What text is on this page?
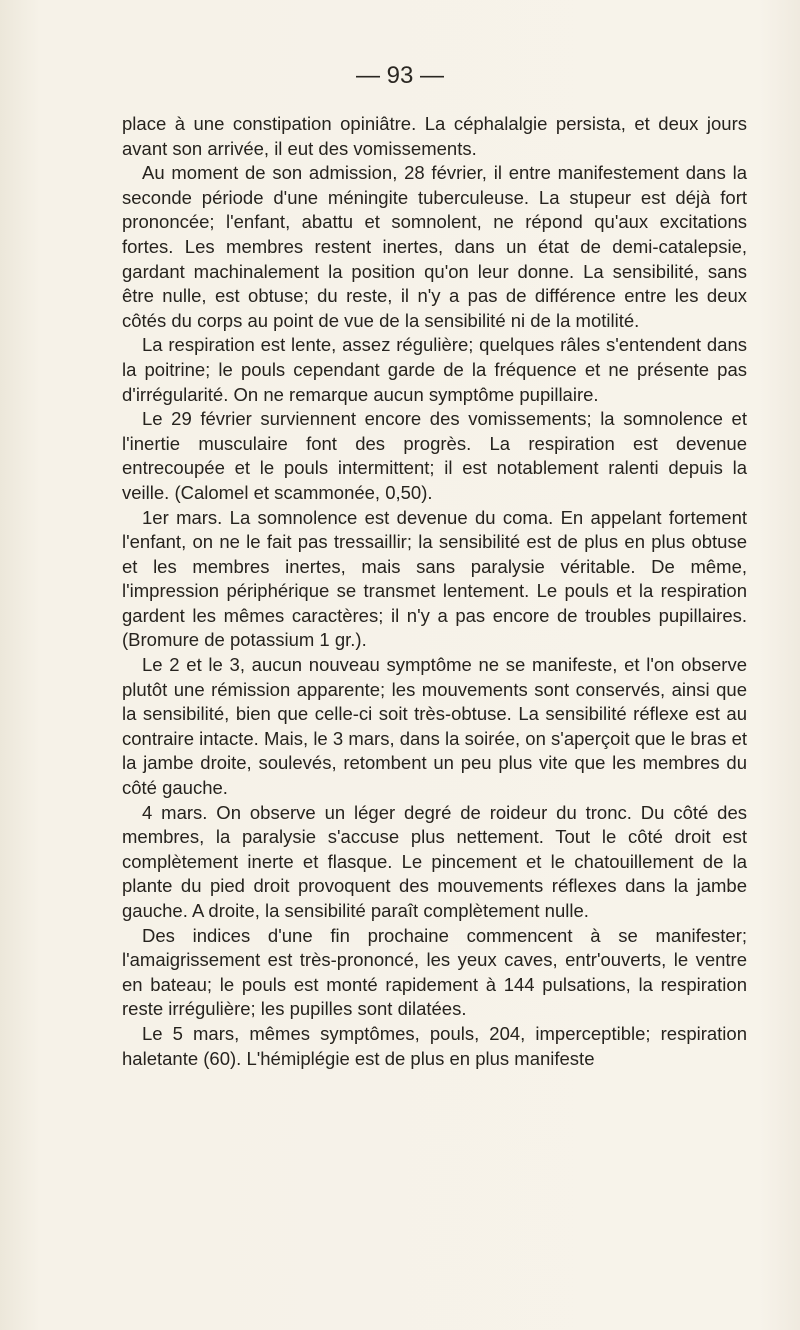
— 93 —

place à une constipation opiniâtre. La céphalalgie persista, et deux jours avant son arrivée, il eut des vomissements.

Au moment de son admission, 28 février, il entre manifestement dans la seconde période d'une méningite tuberculeuse. La stupeur est déjà fort prononcée; l'enfant, abattu et somnolent, ne répond qu'aux excitations fortes. Les membres restent inertes, dans un état de demi-catalepsie, gardant machinalement la position qu'on leur donne. La sensibilité, sans être nulle, est obtuse; du reste, il n'y a pas de différence entre les deux côtés du corps au point de vue de la sensibilité ni de la motilité.

La respiration est lente, assez régulière; quelques râles s'entendent dans la poitrine; le pouls cependant garde de la fréquence et ne présente pas d'irrégularité. On ne remarque aucun symptôme pupillaire.

Le 29 février surviennent encore des vomissements; la somnolence et l'inertie musculaire font des progrès. La respiration est devenue entrecoupée et le pouls intermittent; il est notablement ralenti depuis la veille. (Calomel et scammonée, 0,50).

1er mars. La somnolence est devenue du coma. En appelant fortement l'enfant, on ne le fait pas tressaillir; la sensibilité est de plus en plus obtuse et les membres inertes, mais sans paralysie véritable. De même, l'impression périphérique se transmet lentement. Le pouls et la respiration gardent les mêmes caractères; il n'y a pas encore de troubles pupillaires. (Bromure de potassium 1 gr.).

Le 2 et le 3, aucun nouveau symptôme ne se manifeste, et l'on observe plutôt une rémission apparente; les mouvements sont conservés, ainsi que la sensibilité, bien que celle-ci soit très-obtuse. La sensibilité réflexe est au contraire intacte. Mais, le 3 mars, dans la soirée, on s'aperçoit que le bras et la jambe droite, soulevés, retombent un peu plus vite que les membres du côté gauche.

4 mars. On observe un léger degré de roideur du tronc. Du côté des membres, la paralysie s'accuse plus nettement. Tout le côté droit est complètement inerte et flasque. Le pincement et le chatouillement de la plante du pied droit provoquent des mouvements réflexes dans la jambe gauche. A droite, la sensibilité paraît complètement nulle.

Des indices d'une fin prochaine commencent à se manifester; l'amaigrissement est très-prononcé, les yeux caves, entr'ouverts, le ventre en bateau; le pouls est monté rapidement à 144 pulsations, la respiration reste irrégulière; les pupilles sont dilatées.

Le 5 mars, mêmes symptômes, pouls, 204, imperceptible; respiration haletante (60). L'hémiplégie est de plus en plus manifeste
